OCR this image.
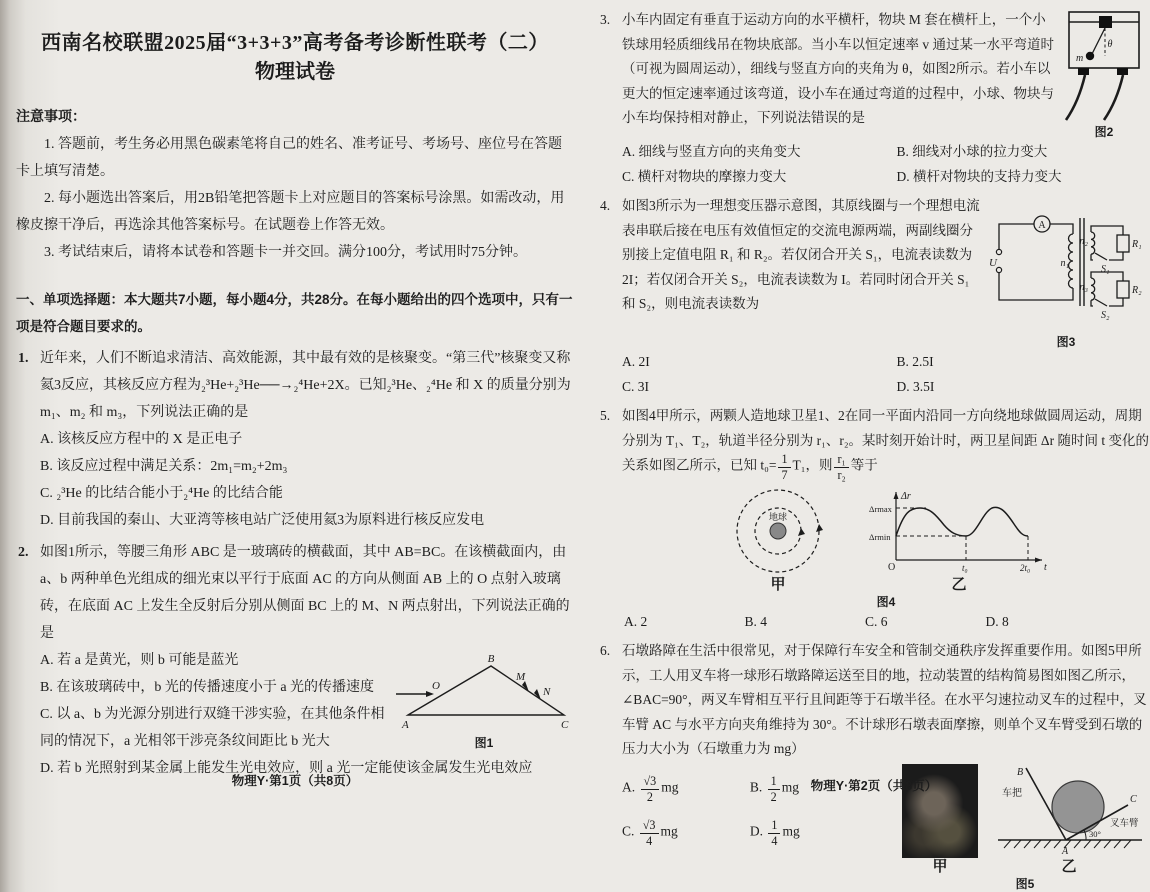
西南名校联盟2025届“3+3+3”高考备考诊断性联考（二）
物理试卷
注意事项：
1. 答题前，考生务必用黑色碳素笔将自己的姓名、准考证号、考场号、座位号在答题卡上填写清楚。
2. 每小题选出答案后，用2B铅笔把答题卡上对应题目的答案标号涂黑。如需改动，用橡皮擦干净后，再选涂其他答案标号。在试题卷上作答无效。
3. 考试结束后，请将本试卷和答题卡一并交回。满分100分，考试用时75分钟。
一、单项选择题：本大题共7小题，每小题4分，共28分。在每小题给出的四个选项中，只有一项是符合题目要求的。
1. 近年来，人们不断追求清洁、高效能源，其中最有效的是核聚变。“第三代”核聚变又称氦3反应，其核反应方程为₂³He+₂³He──→₂⁴He+2X。已知₂³He、₂⁴He 和 X 的质量分别为 m₁、m₂ 和 m₃，下列说法正确的是
A. 该核反应方程中的 X 是正电子
B. 该反应过程中满足关系：2m₁=m₂+2m₃
C. ₂³He 的比结合能小于₂⁴He 的比结合能
D. 目前我国的秦山、大亚湾等核电站广泛使用氦3为原料进行核反应发电
2. 如图1所示，等腰三角形 ABC 是一玻璃砖的横截面，其中 AB=BC。在该横截面内，由 a、b 两种单色光组成的细光束以平行于底面 AC 的方向从侧面 AB 上的 O 点射入玻璃砖，在底面 AC 上发生全反射后分别从侧面 BC 上的 M、N 两点射出，下列说法正确的是
A. 若 a 是黄光，则 b 可能是蓝光
B. 在该玻璃砖中，b 光的传播速度小于 a 光的传播速度
C. 以 a、b 为光源分别进行双缝干涉实验，在其他条件相同的情况下，a 光相邻干涉亮条纹间距比 b 光大
B
A	C
O
M
N
图1
D. 若 b 光照射到某金属上能发生光电效应，则 a 光一定能使该金属发生光电效应
物理Y·第1页（共8页）
3. 小车内固定有垂直于运动方向的水平横杆，物块 M 套在横杆上，一个小铁球用轻质细线吊在物块底部。当小车以恒定速率 v 通过某一水平弯道时（可视为圆周运动），细线与竖直方向的夹角为 θ，如图2所示。若小车以更大的恒定速率通过该弯道，设小车在通过弯道的过程中，小球、物块与小车均保持相对静止，下列说法错误的是
m
θ
图2
A. 细线与竖直方向的夹角变大	B. 细线对小球的拉力变大
C. 横杆对物块的摩擦力变大	D. 横杆对物块的支持力变大
4. 如图3所示为一理想变压器示意图，其原线圈与一个理想电流表串联后接在电压有效值恒定的交流电源两端，两副线圈分别接上定值电阻 R₁ 和 R₂。若仅闭合开关 S₁，电流表读数为 2I；若仅闭合开关 S₂，电流表读数为 I。若同时闭合开关 S₁ 和 S₂，则电流表读数为
U
A
n₁
n₂
S₁
R₁
n₃
S₂
R₂
图3
A. 2I	B. 2.5I
C. 3I	D. 3.5I
5. 如图4甲所示，两颗人造地球卫星1、2在同一平面内沿同一方向绕地球做圆周运动，周期分别为 T₁、T₂，轨道半径分别为 r₁、r₂。某时刻开始计时，两卫星间距 Δr 随时间 t 变化的关系如图乙所示，已知 $t_0= \frac{1}{7} T_1$，则 $\frac{\text{r₁}}{\text{r₂}}$ 等于
地球
甲
Δr
t
O
Δrmax
Δrmin
t₀	2t₀
乙
图4
A. 2	B. 4	C. 6	D. 8
6. 石墩路障在生活中很常见，对于保障行车安全和管制交通秩序发挥重要作用。如图5甲所示，工人用叉车将一球形石墩路障运送至目的地，拉动装置的结构简易图如图乙所示，∠BAC=90°，两叉车臂相互平行且间距等于石墩半径。在水平匀速拉动叉车的过程中，叉车臂 AC 与水平方向夹角维持为 30°。不计球形石墩表面摩擦，则单个叉车臂受到石墩的压力大小为（石墩重力为 mg）
A. $\frac{√3}{2}$ mg	B. $\frac{1}{2}$ mg
C. $\frac{√3}{4}$ mg	D. $\frac{1}{4}$ mg
甲
B
车把
C
叉车臂
30°
A
乙
图5
物理Y·第2页（共8页）
